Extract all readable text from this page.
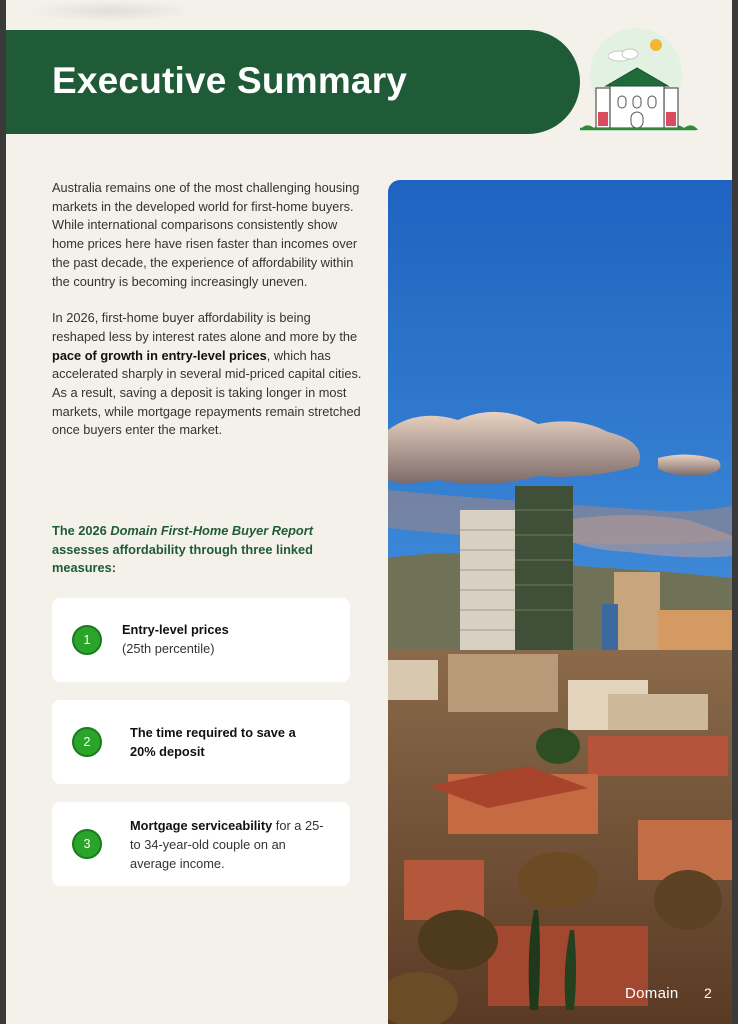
Executive Summary

Australia remains one of the most challenging housing markets in the developed world for first-home buyers. While international comparisons consistently show home prices here have risen faster than incomes over the past decade, the experience of affordability within the country is becoming increasingly uneven.

In 2026, first-home buyer affordability is being reshaped less by interest rates alone and more by the pace of growth in entry-level prices, which has accelerated sharply in several mid-priced capital cities. As a result, saving a deposit is taking longer in most markets, while mortgage repayments remain stretched once buyers enter the market.

The 2026 Domain First-Home Buyer Report assesses affordability through three linked measures:
1
Entry-level prices
(25th percentile)
2
The time required to save a 20% deposit
3
Mortgage serviceability for a 25- to 34-year-old couple on an average income.
Domain 2
